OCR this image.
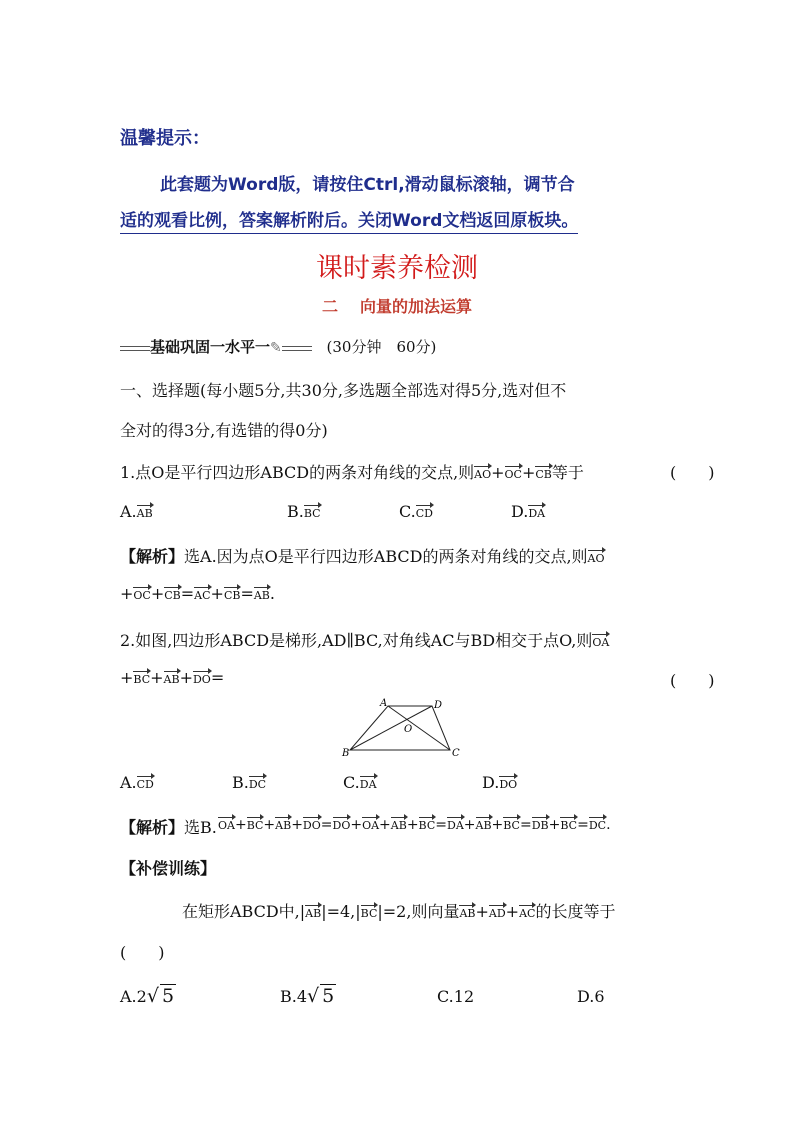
温馨提示：
此套题为Word版，请按住Ctrl,滑动鼠标滚轴，调节合
适的观看比例，答案解析附后。关闭Word文档返回原板块。
课时素养检测
二 向量的加法运算
基础巩固一水平一✎	(30分钟　60分)
一、选择题(每小题5分,共30分,多选题全部选对得5分,选对但不
全对的得3分,有选错的得0分)
1.点O是平行四边形ABCD的两条对角线的交点,则AO+OC+CB等于	(　　)
A.AB	B.BC	C.CD	D.DA
【解析】选A.因为点O是平行四边形ABCD的两条对角线的交点,则AO
+OC+CB=AC+CB=AB.
2.如图,四边形ABCD是梯形,AD∥BC,对角线AC与BD相交于点O,则OA
+BC+AB+DO=	(　　)
A	D
B	C
O
A.CD	B.DC	C.DA	D.DO
【解析】选B. OA+BC+AB+DO=DO+OA+AB+BC=DA+AB+BC=DB+BC=DC.
【补偿训练】
在矩形ABCD中,|AB|=4,|BC|=2,则向量AB+AD+AC的长度等于
(　　)
A.2√ 5	B.4√ 5	C.12	D.6
